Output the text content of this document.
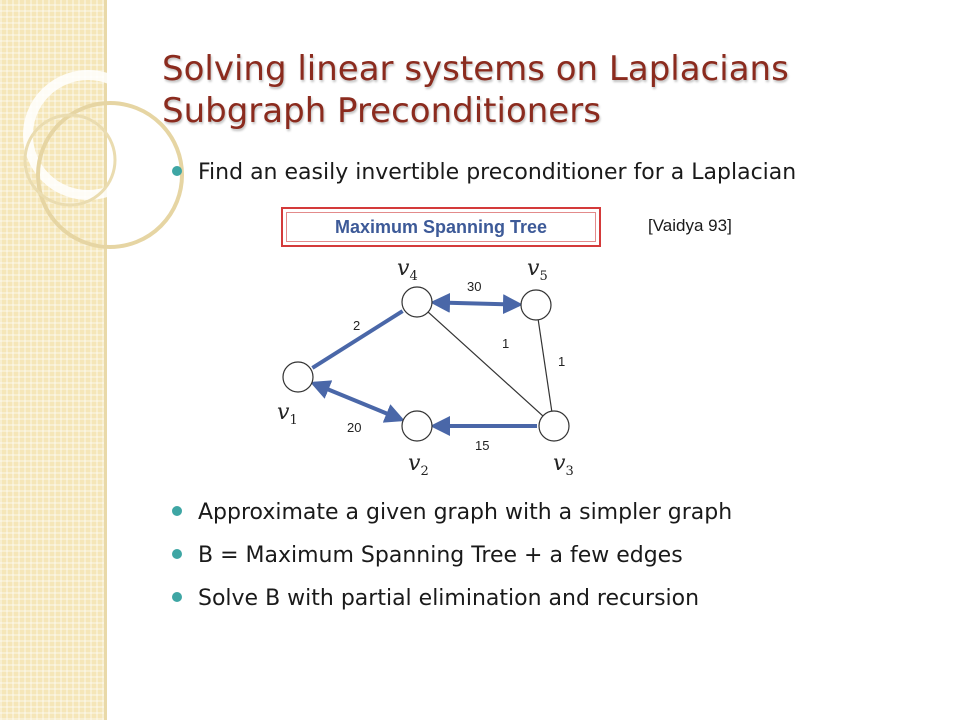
Solving linear systems on Laplacians
Subgraph Preconditioners
Find an easily invertible preconditioner for a Laplacian
Approximate a given graph with a simpler graph
B = Maximum Spanning Tree + a few edges
Solve B with partial elimination and recursion
Maximum Spanning Tree	[Vaidya 93]
2
30
20
15
1
1
$v_1$
$v_2$	$v_3$
$v_4$	$v_5$
